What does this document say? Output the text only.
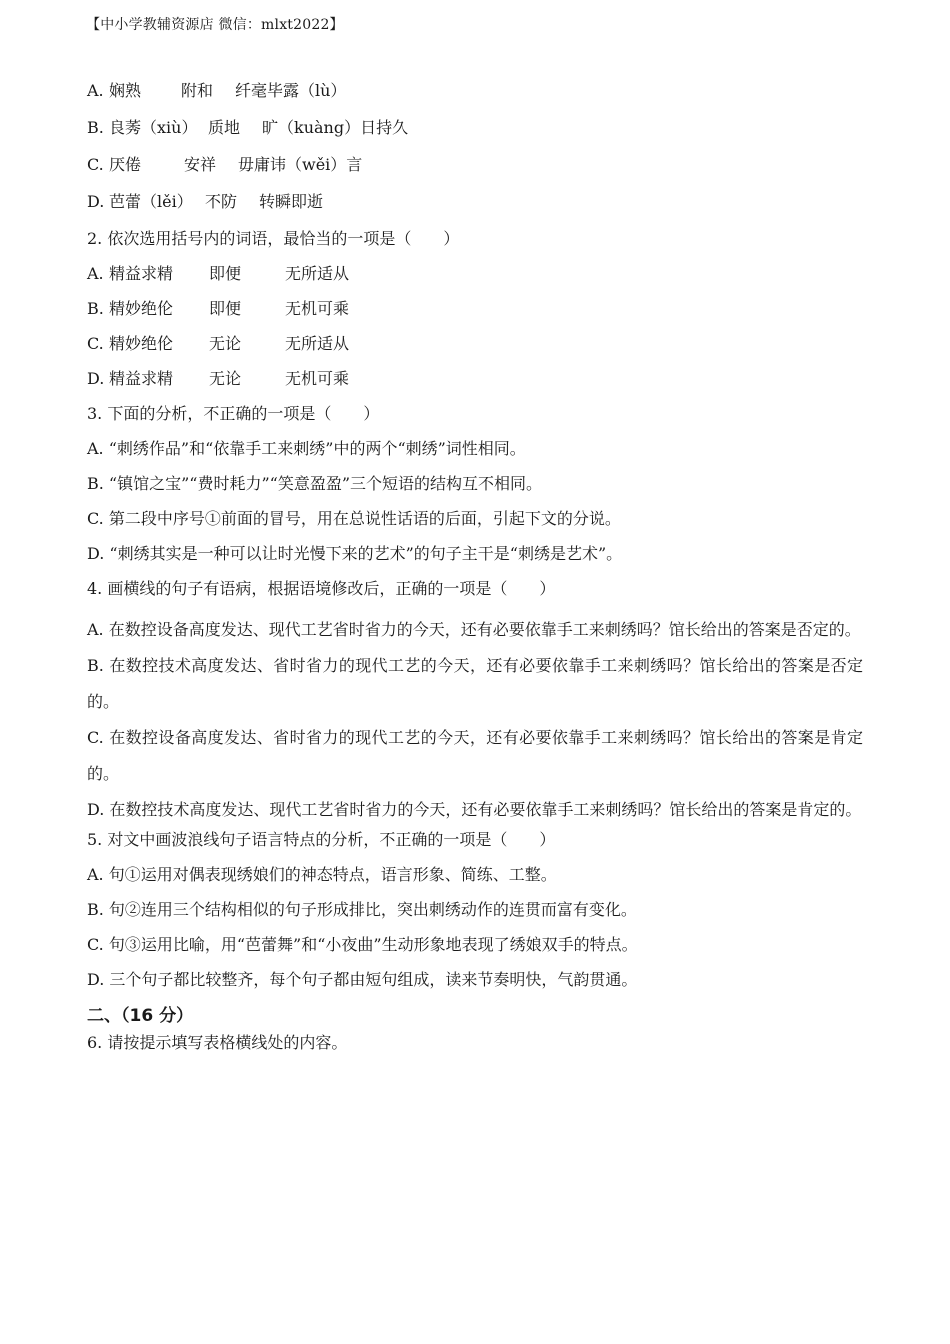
【中小学教辅资源店 微信：mlxt2022】
A. 娴熟	附和	纤毫毕露（lù）
B. 良莠（xiù） 质地	旷（kuàng）日持久
C. 厌倦	安祥	毋庸讳（wěi）言
D. 芭蕾（lěi） 不防	转瞬即逝
2. 依次选用括号内的词语，最恰当的一项是（　　）
A. 精益求精	即便	无所适从
B. 精妙绝伦	即便	无机可乘
C. 精妙绝伦	无论	无所适从
D. 精益求精	无论	无机可乘
3. 下面的分析，不正确的一项是（　　）
A. “刺绣作品”和“依靠手工来刺绣”中的两个“刺绣”词性相同。
B. “镇馆之宝”“费时耗力”“笑意盈盈”三个短语的结构互不相同。
C. 第二段中序号①前面的冒号，用在总说性话语的后面，引起下文的分说。
D. “刺绣其实是一种可以让时光慢下来的艺术”的句子主干是“刺绣是艺术”。
4. 画横线的句子有语病，根据语境修改后，正确的一项是（　　）
A. 在数控设备高度发达、现代工艺省时省力的今天，还有必要依靠手工来刺绣吗？馆长给出的答案是否定的。
B. 在数控技术高度发达、省时省力的现代工艺的今天，还有必要依靠手工来刺绣吗？馆长给出的答案是否定的。
C. 在数控设备高度发达、省时省力的现代工艺的今天，还有必要依靠手工来刺绣吗？馆长给出的答案是肯定的。
D. 在数控技术高度发达、现代工艺省时省力的今天，还有必要依靠手工来刺绣吗？馆长给出的答案是肯定的。
5. 对文中画波浪线句子语言特点的分析，不正确的一项是（　　）
A. 句①运用对偶表现绣娘们的神态特点，语言形象、简练、工整。
B. 句②连用三个结构相似的句子形成排比，突出刺绣动作的连贯而富有变化。
C. 句③运用比喻，用“芭蕾舞”和“小夜曲”生动形象地表现了绣娘双手的特点。
D. 三个句子都比较整齐，每个句子都由短句组成，读来节奏明快，气韵贯通。
二、（16 分）
6. 请按提示填写表格横线处的内容。
